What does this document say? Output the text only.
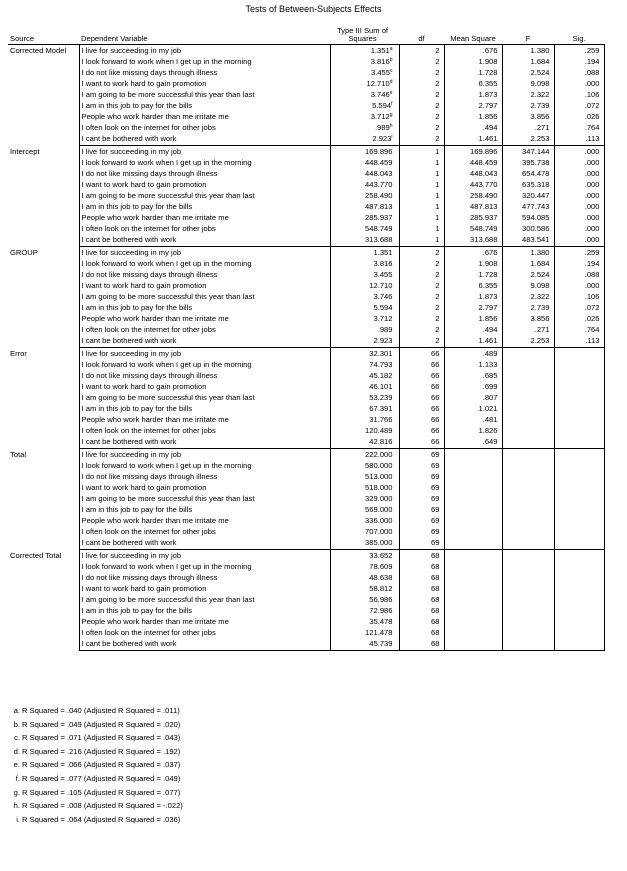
Tests of Between-Subjects Effects
Source	Dependent Variable	Type III Sum of Squares	df	Mean Square	F	Sig.
Corrected Model	I live for succeeding in my job	1.351$^a$	2	.676	1.380	.259
	I look forward to work when I get up in the morning	3.816$^b$	2	1.908	1.684	.194
	I do not like missing days through illness	3.455$^c$	2	1.728	2.524	.088
	I want to work hard to gain promotion	12.710$^d$	2	6.355	9.098	.000
	I am going to be more successful this year than last	3.746e	2	1.873	2.322	.106
	I am in this job to pay for the bills	5.594$^f$	2	2.797	2.739	.072
	People who work harder than me irritate me	3.712$^g$	2	1.856	3.856	.026
	I often look on the internet for other jobs	.989$^h$	2	.494	.271	.764
	I cant be bothered with work	2.923$^i$	2	1.461	2.253	.113
Intercept	I live for succeeding in my job	169.896	1	169.896	347.144	.000
	I look forward to work when I get up in the morning	448.459	1	448.459	395.738	.000
	I do not like missing days through illness	448.043	1	448.043	654.478	.000
	I want to work hard to gain promotion	443.770	1	443.770	635.318	.000
	I am going to be more successful this year than last	258.490	1	258.490	320.447	.000
	I am in this job to pay for the bills	487.813	1	487.813	477.743	.000
	People who work harder than me irritate me	285.937	1	285.937	594.085	.000
	I often look on the internet for other jobs	548.749	1	548.749	300.586	.000
	I cant be bothered with work	313.688	1	313.688	483.541	.000
GROUP	I live for succeeding in my job	1.351	2	.676	1.380	.259
	I look forward to work when I get up in the morning	3.816	2	1.908	1.684	.194
	I do not like missing days through illness	3.455	2	1.728	2.524	.088
	I want to work hard to gain promotion	12.710	2	6.355	9.098	.000
	I am going to be more successful this year than last	3.746	2	1.873	2.322	.106
	I am in this job to pay for the bills	5.594	2	2.797	2.739	.072
	People who work harder than me irritate me	3.712	2	1.856	3.856	.026
	I often look on the internet for other jobs	.989	2	.494	.271	.764
	I cant be bothered with work	2.923	2	1.461	2.253	.113
Error	I live for succeeding in my job	32.301	66	.489		
	I look forward to work when I get up in the morning	74.793	66	1.133		
	I do not like missing days through illness	45.182	66	.685		
	I want to work hard to gain promotion	46.101	66	.699		
	I am going to be more successful this year than last	53.239	66	.807		
	I am in this job to pay for the bills	67.391	66	1.021		
	People who work harder than me irritate me	31.766	66	.481		
	I often look on the internet for other jobs	120.489	66	1.826		
	I cant be bothered with work	42.816	66	.649		
Total	I live for succeeding in my job	222.000	69			
	I look forward to work when I get up in the morning	580.000	69			
	I do not like missing days through illness	513.000	69			
	I want to work hard to gain promotion	518.000	69			
	I am going to be more successful this year than last	329.000	69			
	I am in this job to pay for the bills	569.000	69			
	People who work harder than me irritate me	336.000	69			
	I often look on the internet for other jobs	707.000	69			
	I cant be bothered with work	385.000	69			
Corrected Total	I live for succeeding in my job	33.652	68			
	I look forward to work when I get up in the morning	78.609	68			
	I do not like missing days through illness	48.638	68			
	I want to work hard to gain promotion	58.812	68			
	I am going to be more successful this year than last	56.986	68			
	I am in this job to pay for the bills	72.986	68			
	People who work harder than me irritate me	35.478	68			
	I often look on the internet for other jobs	121.478	68			
	I cant be bothered with work	45.739	68			
a. R Squared = .040 (Adjusted R Squared = .011)
b. R Squared = .049 (Adjusted R Squared = .020)
c. R Squared = .071 (Adjusted R Squared = .043)
d. R Squared = .216 (Adjusted R Squared = .192)
e. R Squared = .066 (Adjusted R Squared = .037)
f. R Squared = .077 (Adjusted R Squared = .049)
g. R Squared = .105 (Adjusted R Squared = .077)
h. R Squared = .008 (Adjusted R Squared = -.022)
i. R Squared = .064 (Adjusted R Squared = .036)
